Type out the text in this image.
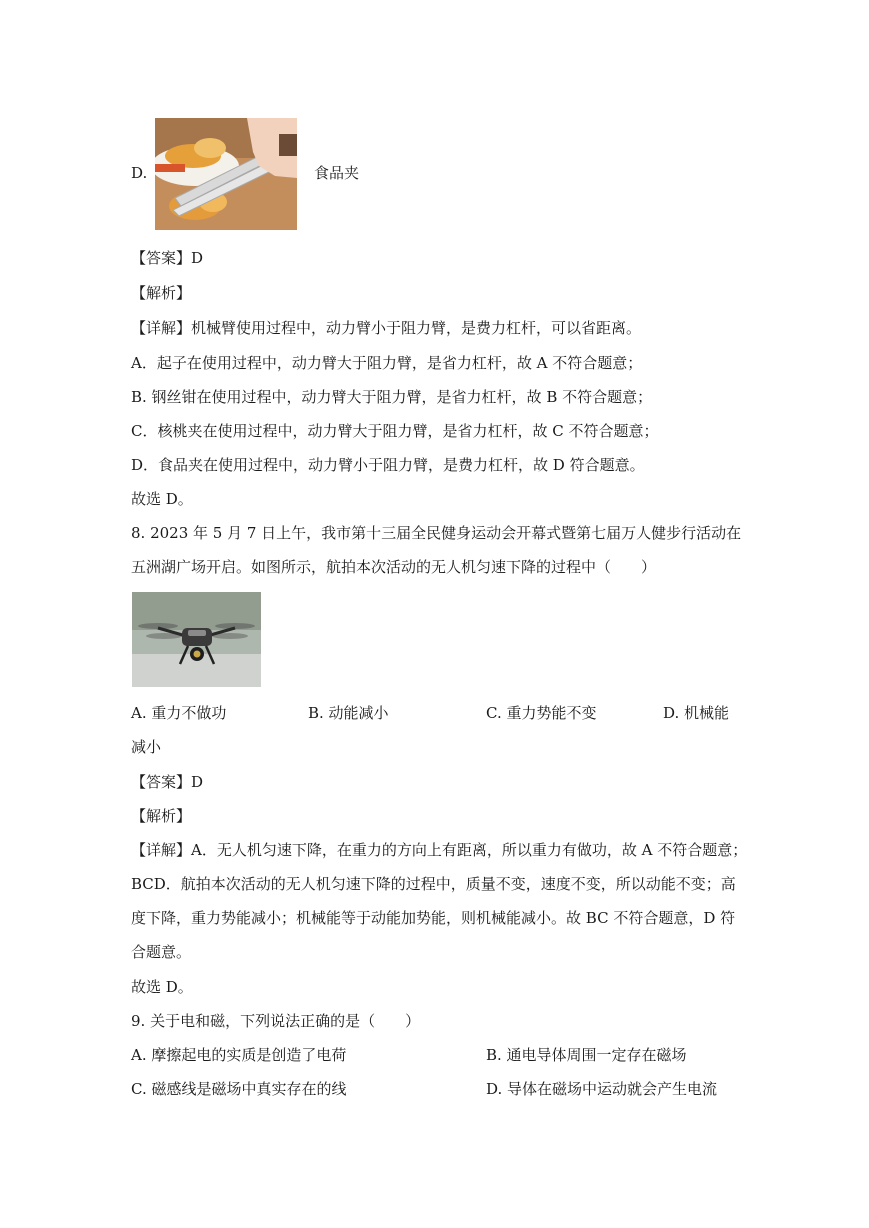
D.	食品夹
【答案】D
【解析】
【详解】机械臂使用过程中，动力臂小于阻力臂，是费力杠杆，可以省距离。
A．起子在使用过程中，动力臂大于阻力臂，是省力杠杆，故 A 不符合题意；
B. 钢丝钳在使用过程中，动力臂大于阻力臂，是省力杠杆，故 B 不符合题意；
C．核桃夹在使用过程中，动力臂大于阻力臂，是省力杠杆，故 C 不符合题意；
D．食品夹在使用过程中，动力臂小于阻力臂，是费力杠杆，故 D 符合题意。
故选 D。
8. 2023 年 5 月 7 日上午，我市第十三届全民健身运动会开幕式暨第七届万人健步行活动在
五洲湖广场开启。如图所示，航拍本次活动的无人机匀速下降的过程中（　　）
A. 重力不做功	B. 动能减小	C. 重力势能不变	D. 机械能
减小
【答案】D
【解析】
【详解】A．无人机匀速下降，在重力的方向上有距离，所以重力有做功，故 A 不符合题意；
BCD．航拍本次活动的无人机匀速下降的过程中，质量不变，速度不变，所以动能不变；高
度下降，重力势能减小；机械能等于动能加势能，则机械能减小。故 BC 不符合题意，D 符
合题意。
故选 D。
9. 关于电和磁，下列说法正确的是（　　）
A. 摩擦起电的实质是创造了电荷	B. 通电导体周围一定存在磁场
C. 磁感线是磁场中真实存在的线	D. 导体在磁场中运动就会产生电流
